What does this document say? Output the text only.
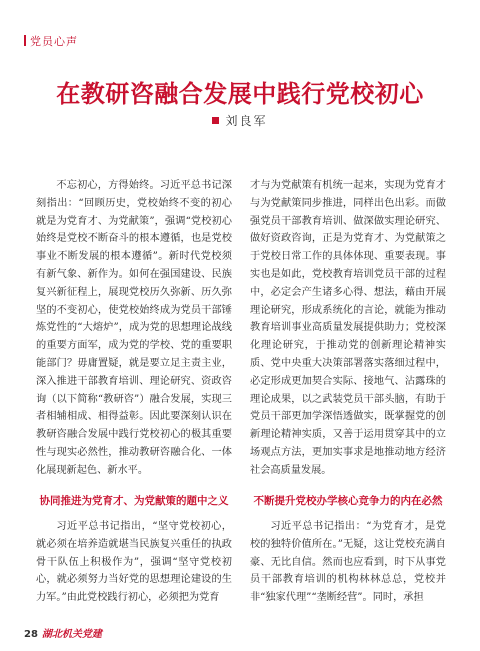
党员心声
在教研咨融合发展中践行党校初心
刘良军

不忘初心，方得始终。习近平总书记深刻指出：“回顾历史，党校始终不变的初心就是为党育才、为党献策”，强调“党校初心始终是党校不断奋斗的根本遵循，也是党校事业不断发展的根本遵循”。新时代党校须有新气象、新作为。如何在强国建设、民族复兴新征程上，展现党校历久弥新、历久弥坚的不变初心，使党校始终成为党员干部锤炼党性的“大熔炉”，成为党的思想理论战线的重要方面军，成为党的学校、党的重要职能部门？毋庸置疑，就是要立足主责主业，深入推进干部教育培训、理论研究、资政咨询（以下简称“教研咨”）融合发展，实现三者相辅相成、相得益彰。因此要深刻认识在教研咨融合发展中践行党校初心的极其重要性与现实必然性，推动教研咨融合化、一体化展现新起色、新水平。

才与为党献策有机统一起来，实现为党育才与为党献策同步推进，同样出色出彩。而做强党员干部教育培训、做深做实理论研究、做好资政咨询，正是为党育才、为党献策之于党校日常工作的具体体现、重要表现。事实也是如此，党校教育培训党员干部的过程中，必定会产生诸多心得、想法，藉由开展理论研究，形成系统化的言论，就能为推动教育培训事业高质量发展提供助力；党校深化理论研究，于推动党的创新理论精神实质、党中央重大决策部署落实落细过程中，必定形成更加契合实际、接地气、沾露珠的理论成果，以之武装党员干部头脑，有助于党员干部更加学深悟透做实，既掌握党的创新理论精神实质，又善于运用贯穿其中的立场观点方法，更加实事求是地推动地方经济社会高质量发展。

协同推进为党育才、为党献策的题中之义	不断提升党校办学核心竞争力的内在必然

习近平总书记指出，“坚守党校初心，就必须在培养造就堪当民族复兴重任的执政骨干队伍上积极作为”，强调“坚守党校初心，就必须努力当好党的思想理论建设的生力军。”由此党校践行初心，必须把为党育

习近平总书记指出：“为党育才，是党校的独特价值所在。”无疑，这让党校充满自豪、无比自信。然而也应看到，时下从事党员干部教育培训的机构林林总总，党校并非“独家代理”“垄断经营”。同时，承担

28 湖北机关党建
